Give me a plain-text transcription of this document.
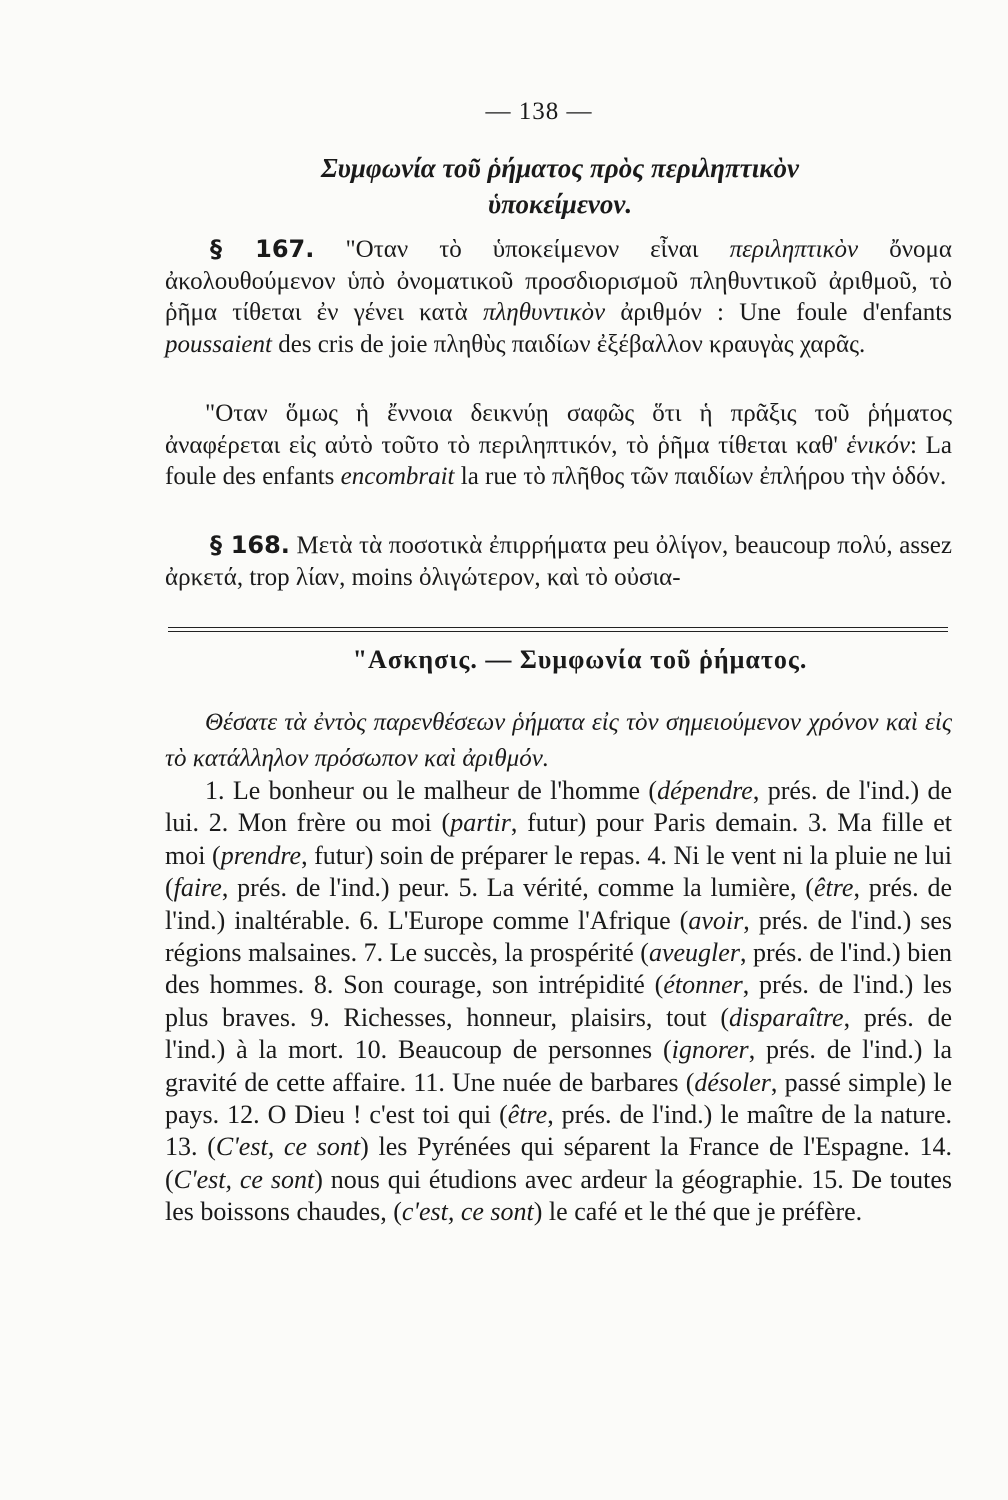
— 138 —
Συμφωνία τοῦ ῥήματος πρὸς περιληπτικὸν
ὑποκείμενον.
§ 167. "Οταν τὸ ὑποκείμενον εἶναι περιληπτικὸν ὄνομα ἀκολουθούμενον ὑπὸ ὀνοματικοῦ προσδιορισμοῦ πληθυντικοῦ ἀριθμοῦ, τὸ ῥῆμα τίθεται ἐν γένει κατὰ πληθυντικὸν ἀριθμόν : Une foule d'enfants poussaient des cris de joie πληθὺς παιδίων ἐξέβαλλον κραυγὰς χαρᾶς.
"Οταν ὅμως ἡ ἔννοια δεικνύῃ σαφῶς ὅτι ἡ πρᾶξις τοῦ ῥήματος ἀναφέρεται εἰς αὐτὸ τοῦτο τὸ περιληπτικόν, τὸ ῥῆμα τίθεται καθ' ἑνικόν: La foule des enfants encombrait la rue τὸ πλῆθος τῶν παιδίων ἐπλήρου τὴν ὁδόν.
§ 168. Μετὰ τὰ ποσοτικὰ ἐπιρρήματα peu ὀλίγον, beaucoup πολύ, assez ἀρκετά, trop λίαν, moins ὀλιγώτερον, καὶ τὸ οὐσια-
"Ασκησις. — Συμφωνία τοῦ ῥήματος.
Θέσατε τὰ ἐντὸς παρενθέσεων ῥήματα εἰς τὸν σημειούμενον χρόνον καὶ εἰς τὸ κατάλληλον πρόσωπον καὶ ἀριθμόν.
1. Le bonheur ou le malheur de l'homme (dépendre, prés. de l'ind.) de lui. 2. Mon frère ou moi (partir, futur) pour Paris demain. 3. Ma fille et moi (prendre, futur) soin de préparer le repas. 4. Ni le vent ni la pluie ne lui (faire, prés. de l'ind.) peur. 5. La vérité, comme la lumière, (être, prés. de l'ind.) inaltérable. 6. L'Europe comme l'Afrique (avoir, prés. de l'ind.) ses régions malsaines. 7. Le succès, la prospérité (aveugler, prés. de l'ind.) bien des hommes. 8. Son courage, son intrépidité (étonner, prés. de l'ind.) les plus braves. 9. Richesses, honneur, plaisirs, tout (disparaître, prés. de l'ind.) à la mort. 10. Beaucoup de personnes (ignorer, prés. de l'ind.) la gravité de cette affaire. 11. Une nuée de barbares (désoler, passé simple) le pays. 12. O Dieu ! c'est toi qui (être, prés. de l'ind.) le maître de la nature. 13. (C'est, ce sont) les Pyrénées qui séparent la France de l'Espagne. 14. (C'est, ce sont) nous qui étudions avec ardeur la géographie. 15. De toutes les boissons chaudes, (c'est, ce sont) le café et le thé que je préfère.
